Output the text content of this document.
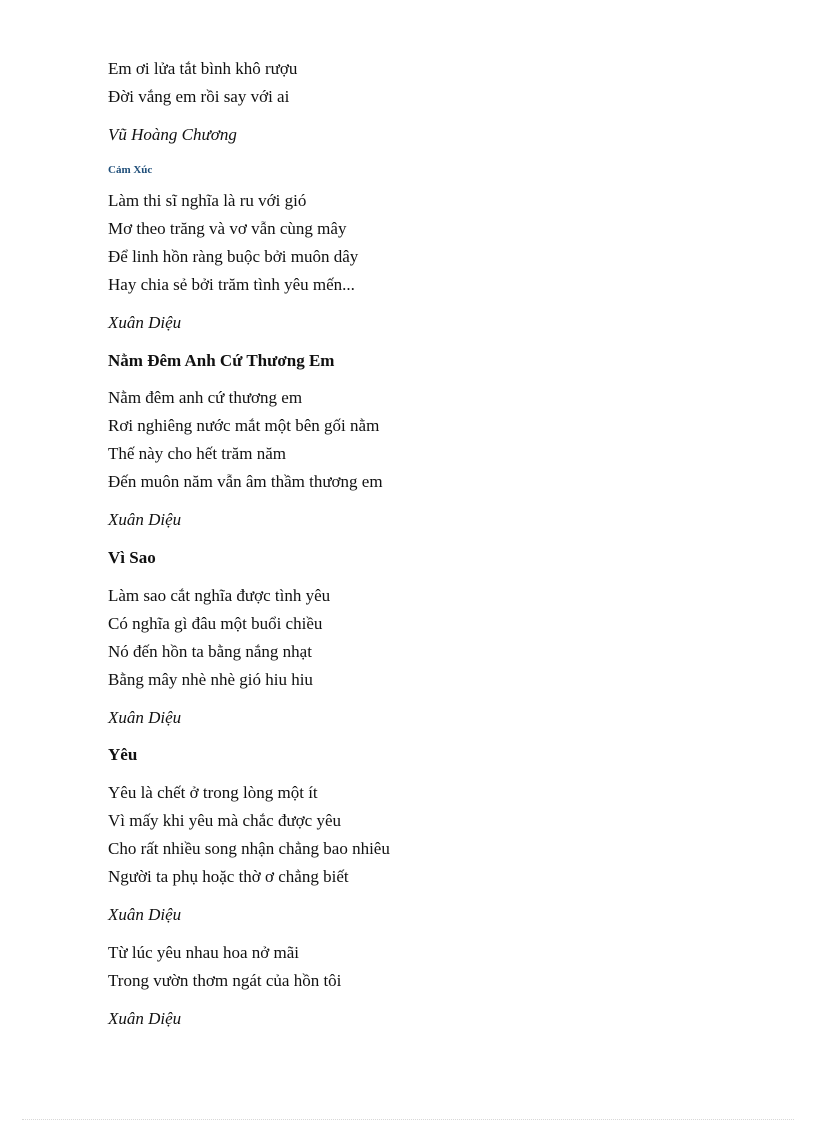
Em ơi lửa tắt bình khô rượu

Đời vắng em rồi say với ai

Vũ Hoàng Chương

Cảm Xúc

Làm thi sĩ nghĩa là ru với gió

Mơ theo trăng và vơ vẫn cùng mây

Để linh hồn ràng buộc bởi muôn dây

Hay chia sẻ bởi trăm tình yêu mến...

Xuân Diệu

Nằm Đêm Anh Cứ Thương Em

Nằm đêm anh cứ thương em

Rơi nghiêng nước mắt một bên gối nằm

Thế này cho hết trăm năm

Đến muôn năm vẫn âm thầm thương em

Xuân Diệu

Vì Sao

Làm sao cắt nghĩa được tình yêu

Có nghĩa gì đâu một buổi chiều

Nó đến hồn ta bằng nắng nhạt

Bằng mây nhè nhè gió hiu hiu

Xuân Diệu

Yêu

Yêu là chết ở trong lòng một ít

Vì mấy khi yêu mà chắc được yêu

Cho rất nhiều song nhận chẳng bao nhiêu

Người ta phụ hoặc thờ ơ chẳng biết

Xuân Diệu

Từ lúc yêu nhau hoa nở mãi

Trong vườn thơm ngát của hồn tôi

Xuân Diệu
